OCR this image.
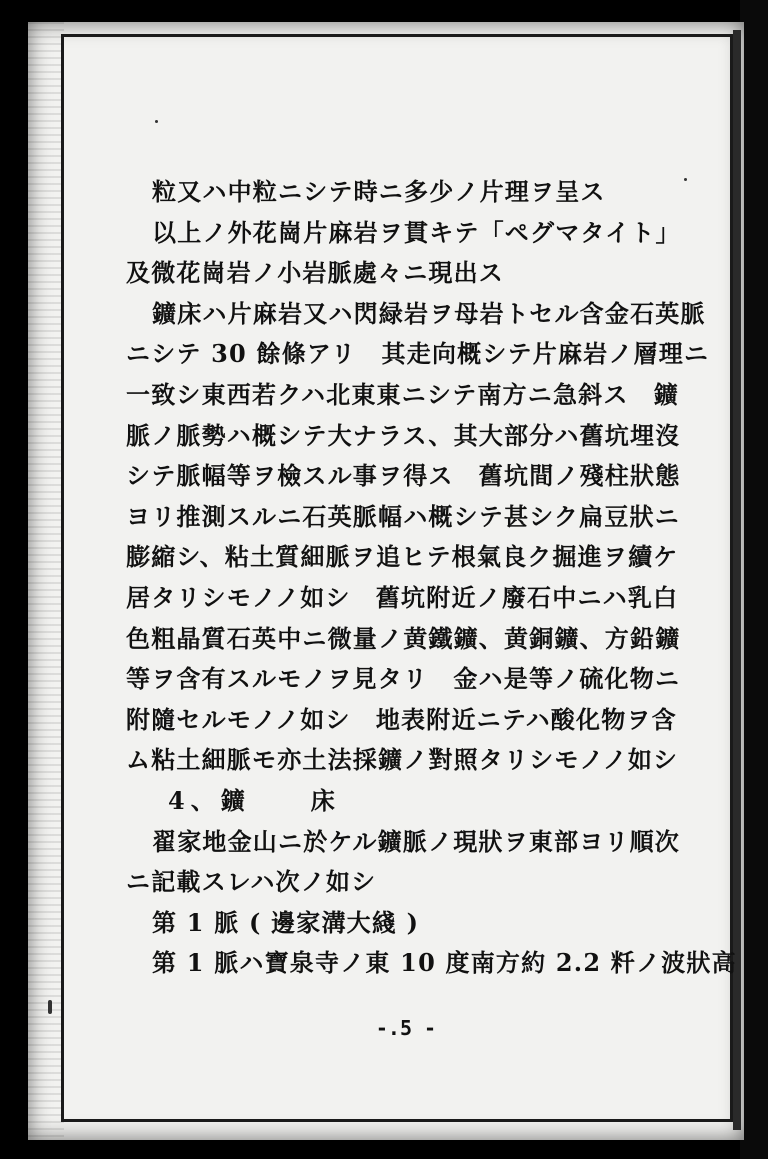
粒又ハ中粒ニシテ時ニ多少ノ片理ヲ呈ス
以上ノ外花崗片麻岩ヲ貫キテ「ペグマタイト」
及微花崗岩ノ小岩脈處々ニ現出ス
鑛床ハ片麻岩又ハ閃緑岩ヲ母岩トセル含金石英脈
ニシテ 30 餘條アリ　其走向概シテ片麻岩ノ層理ニ
一致シ東西若クハ北東東ニシテ南方ニ急斜ス　鑛
脈ノ脈勢ハ概シテ大ナラス、其大部分ハ舊坑埋沒
シテ脈幅等ヲ檢スル事ヲ得ス　舊坑間ノ殘柱狀態
ヨリ推測スルニ石英脈幅ハ概シテ甚シク扁豆狀ニ
膨縮シ、粘土質細脈ヲ追ヒテ根氣良ク掘進ヲ續ケ
居タリシモノノ如シ　舊坑附近ノ廢石中ニハ乳白
色粗晶質石英中ニ微量ノ黄鐵鑛、黄銅鑛、方鉛鑛
等ヲ含有スルモノヲ見タリ　金ハ是等ノ硫化物ニ
附隨セルモノノ如シ　地表附近ニテハ酸化物ヲ含
ム粘土細脈モ亦土法採鑛ノ對照タリシモノノ如シ
4、鑛　　床
翟家地金山ニ於ケル鑛脈ノ現狀ヲ東部ヨリ順次
ニ記載スレハ次ノ如シ
第 1 脈 ( 邊家溝大綫 )
第 1 脈ハ寶泉寺ノ東 10 度南方約 2.2 粁ノ波狀高
-.5 -
